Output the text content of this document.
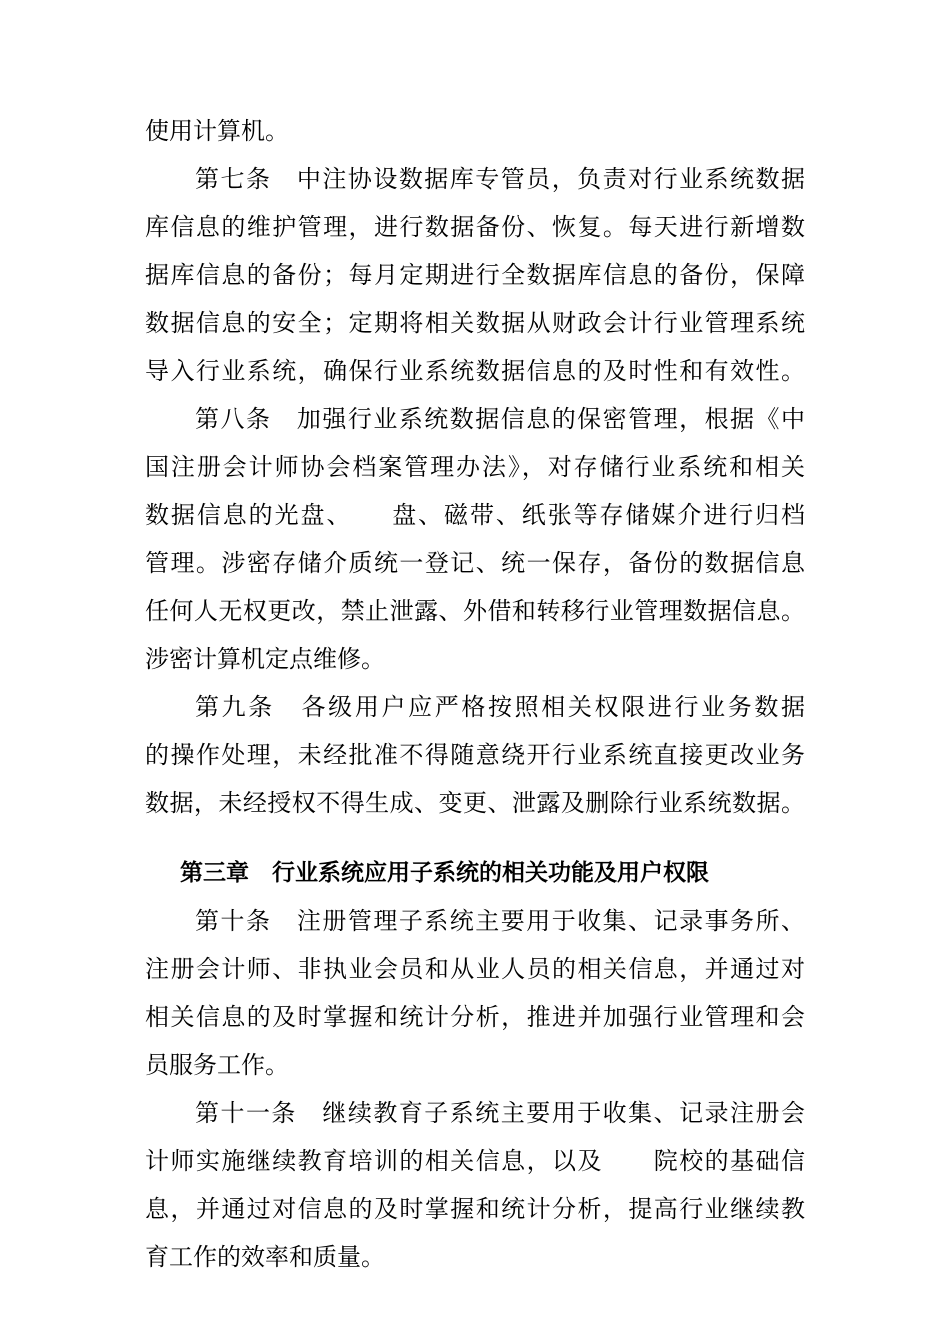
使用计算机。
第七条　中注协设数据库专管员，负责对行业系统数据
库信息的维护管理，进行数据备份、恢复。每天进行新增数
据库信息的备份；每月定期进行全数据库信息的备份，保障
数据信息的安全；定期将相关数据从财政会计行业管理系统
导入行业系统，确保行业系统数据信息的及时性和有效性。
第八条　加强行业系统数据信息的保密管理，根据《中
国注册会计师协会档案管理办法》，对存储行业系统和相关
数据信息的光盘、　　盘、磁带、纸张等存储媒介进行归档
管理。涉密存储介质统一登记、统一保存，备份的数据信息
任何人无权更改，禁止泄露、外借和转移行业管理数据信息。
涉密计算机定点维修。
第九条　各级用户应严格按照相关权限进行业务数据
的操作处理，未经批准不得随意绕开行业系统直接更改业务
数据，未经授权不得生成、变更、泄露及删除行业系统数据。
第三章　行业系统应用子系统的相关功能及用户权限
第十条　注册管理子系统主要用于收集、记录事务所、
注册会计师、非执业会员和从业人员的相关信息，并通过对
相关信息的及时掌握和统计分析，推进并加强行业管理和会
员服务工作。
第十一条　继续教育子系统主要用于收集、记录注册会
计师实施继续教育培训的相关信息，以及　　院校的基础信
息，并通过对信息的及时掌握和统计分析，提高行业继续教
育工作的效率和质量。
